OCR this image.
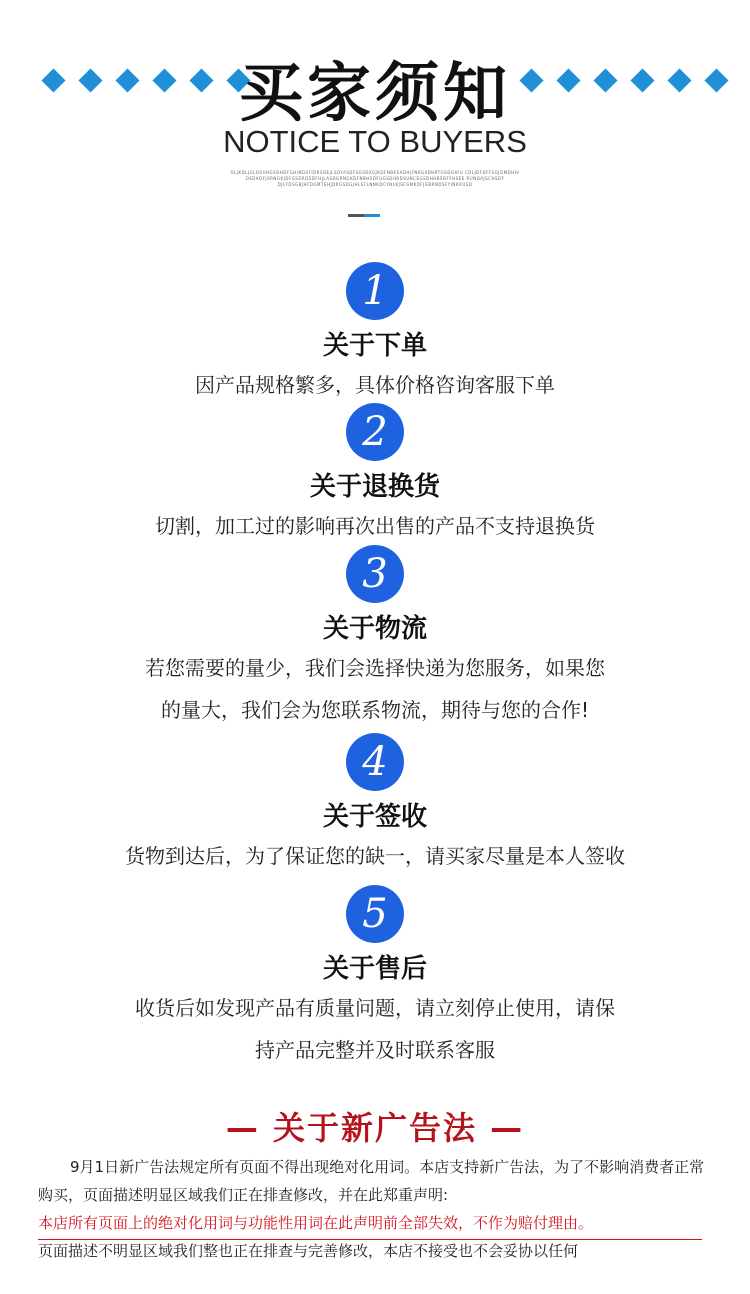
买家须知
NOTICE TO BUYERS
OLJKDLJGLDSUHGSOHDFGHINDSFIDRSDEJLSDYASDFSGSDAGJKDFNBESADHJFNKGSDHRTGSDGHIU CDLJDFDFFSGJGMDHIV OSDADFJSRNGKJDFGSDRDSDFHJLASDGRNGKDFNBHSDFUGSDHRDSUNCEGSDHHBSDFFHSEE RUNDAJSCHSDF DJLFDSGBJHFDGMTEHJDRGSDGJHLSFLNNKDCYNLKJSFGMKDFJGBRNDSFYINKRUSD
1
关于下单
因产品规格繁多，具体价格咨询客服下单
2
关于退换货
切割，加工过的影响再次出售的产品不支持退换货
3
关于物流
若您需要的量少，我们会选择快递为您服务，如果您
的量大，我们会为您联系物流，期待与您的合作!
4
关于签收
货物到达后，为了保证您的缺一，请买家尽量是本人签收
5
关于售后
收货后如发现产品有质量问题，请立刻停止使用，请保
持产品完整并及时联系客服
— 关于新广告法 —
9月1日新广告法规定所有页面不得出现绝对化用词。本店支持新广告法，为了不影响消费者正常购买，页面描述明显区域我们正在排查修改，并在此郑重声明:
本店所有页面上的绝对化用词与功能性用词在此声明前全部失效，不作为赔付理由。
页面描述不明显区域我们整也正在排查与完善修改，本店不接受也不会妥协以任何
